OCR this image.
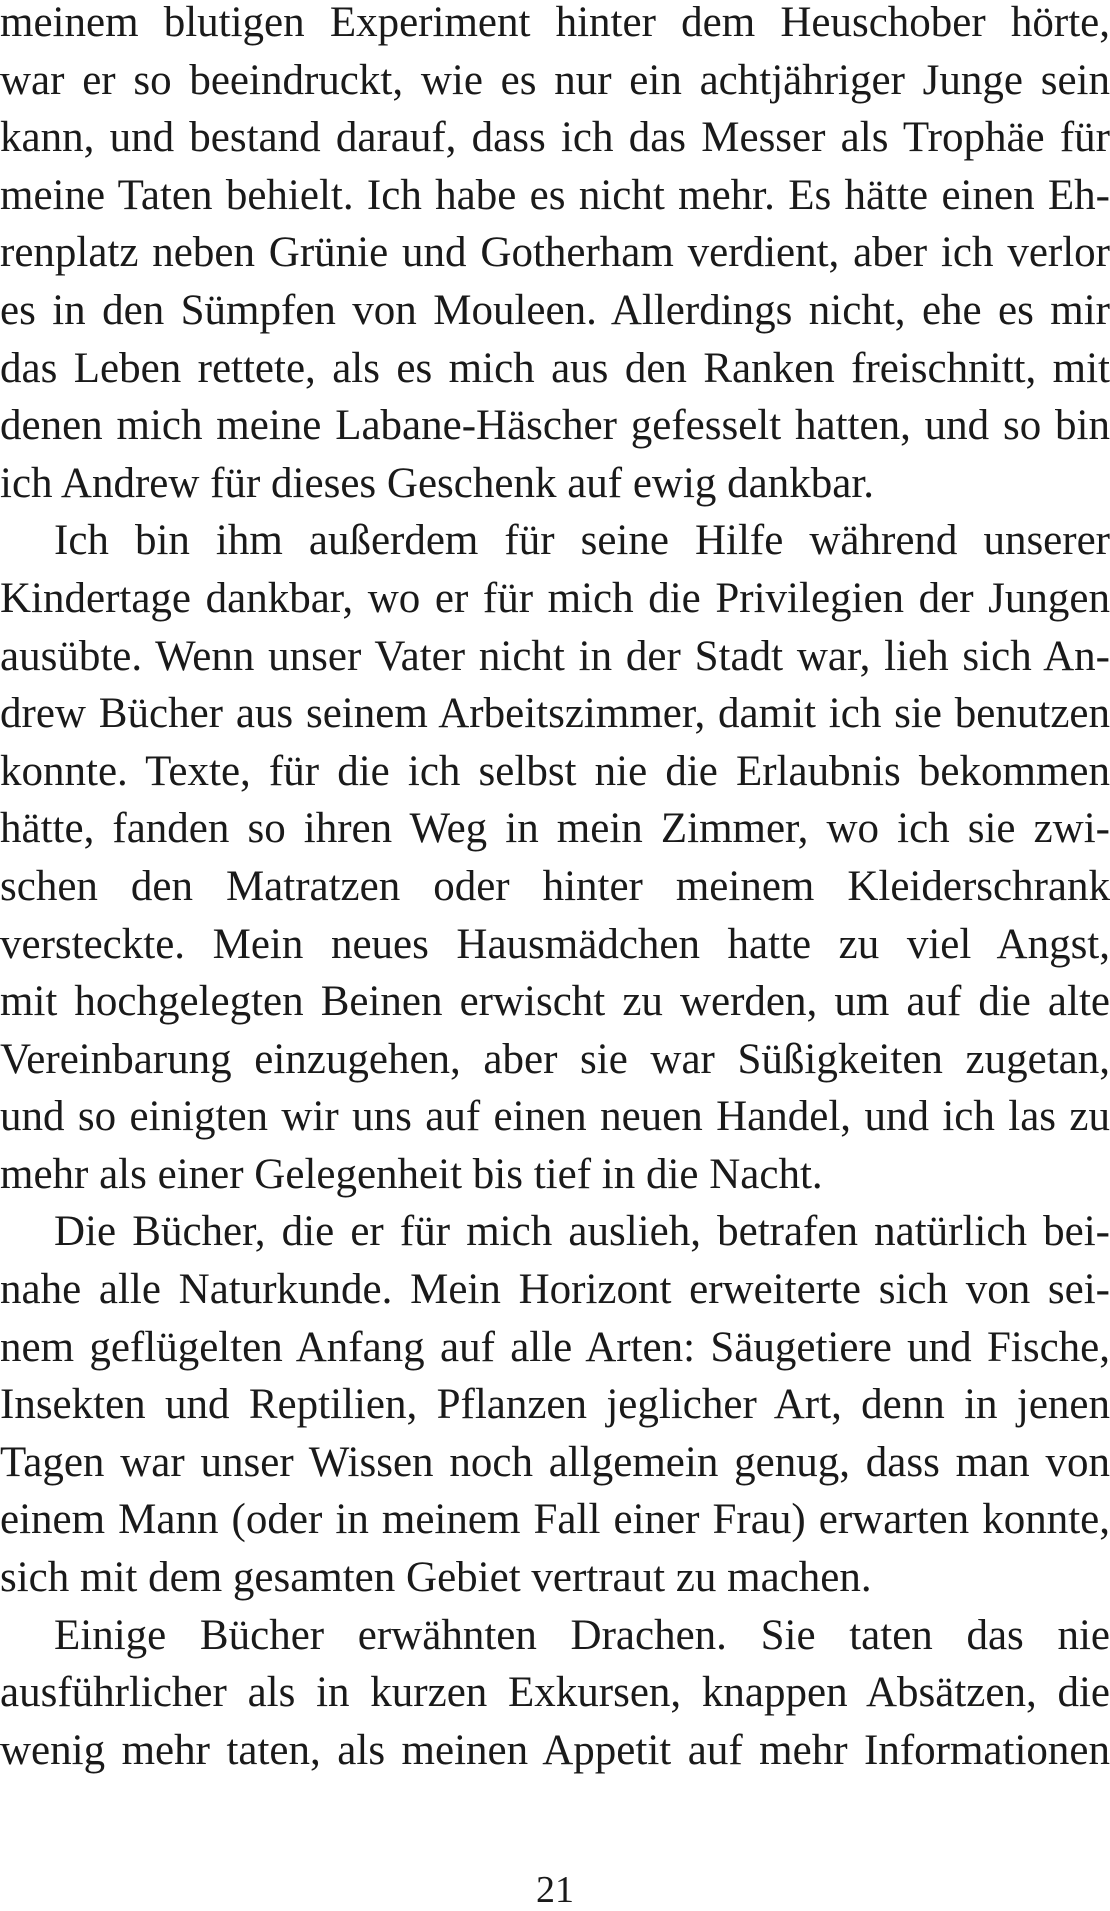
meinem blutigen Experiment hinter dem Heuschober hörte,
war er so beeindruckt, wie es nur ein achtjähriger Junge sein
kann, und bestand darauf, dass ich das Messer als Trophäe für
meine Taten behielt. Ich habe es nicht mehr. Es hätte einen Eh-
renplatz neben Grünie und Gotherham verdient, aber ich verlor
es in den Sümpfen von Mouleen. Allerdings nicht, ehe es mir
das Leben rettete, als es mich aus den Ranken freischnitt, mit
denen mich meine Labane-Häscher gefesselt hatten, und so bin
ich Andrew für dieses Geschenk auf ewig dankbar.
Ich bin ihm außerdem für seine Hilfe während unserer
Kindertage dankbar, wo er für mich die Privilegien der Jungen
ausübte. Wenn unser Vater nicht in der Stadt war, lieh sich An-
drew Bücher aus seinem Arbeitszimmer, damit ich sie benutzen
konnte. Texte, für die ich selbst nie die Erlaubnis bekommen
hätte, fanden so ihren Weg in mein Zimmer, wo ich sie zwi-
schen den Matratzen oder hinter meinem Kleiderschrank
versteckte. Mein neues Hausmädchen hatte zu viel Angst,
mit hochgelegten Beinen erwischt zu werden, um auf die alte
Vereinbarung einzugehen, aber sie war Süßigkeiten zugetan,
und so einigten wir uns auf einen neuen Handel, und ich las zu
mehr als einer Gelegenheit bis tief in die Nacht.
Die Bücher, die er für mich auslieh, betrafen natürlich bei-
nahe alle Naturkunde. Mein Horizont erweiterte sich von sei-
nem geflügelten Anfang auf alle Arten: Säugetiere und Fische,
Insekten und Reptilien, Pflanzen jeglicher Art, denn in jenen
Tagen war unser Wissen noch allgemein genug, dass man von
einem Mann (oder in meinem Fall einer Frau) erwarten konnte,
sich mit dem gesamten Gebiet vertraut zu machen.
Einige Bücher erwähnten Drachen. Sie taten das nie
ausführlicher als in kurzen Exkursen, knappen Absätzen, die
wenig mehr taten, als meinen Appetit auf mehr Informationen
21
